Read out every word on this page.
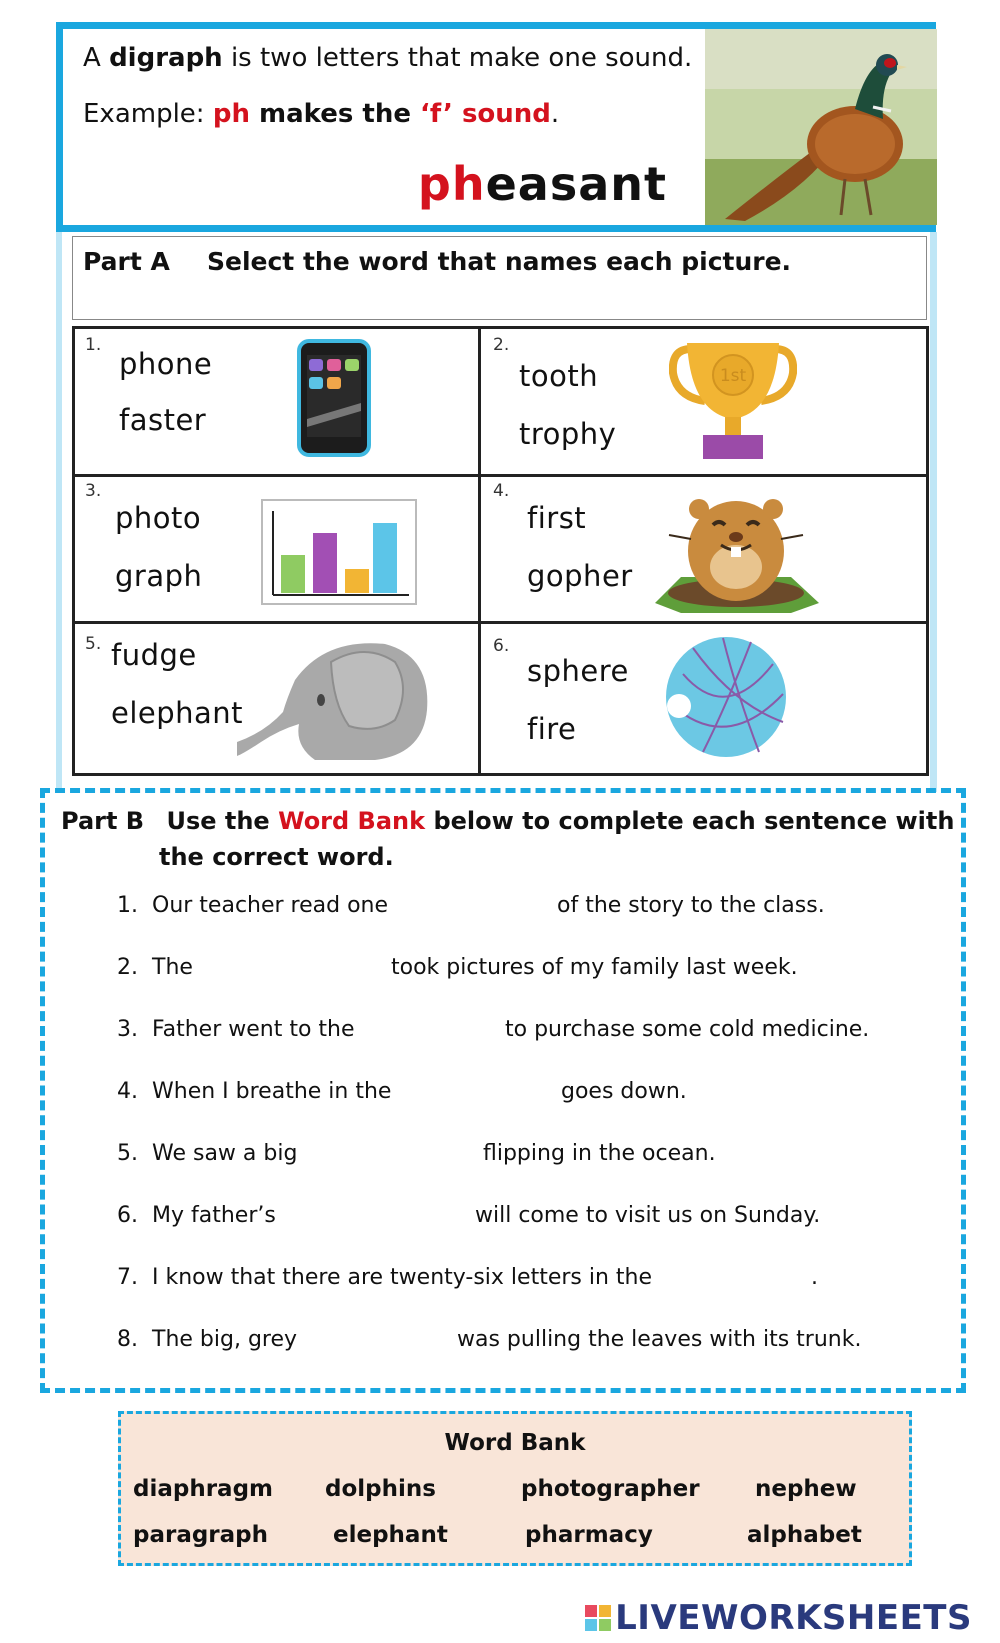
A digraph is two letters that make one sound.
Example: ph makes the ‘f’ sound.
pheasant
Part A Select the word that names each picture.
1.
phone
faster
2.
tooth
trophy
1st
3.
photo
graph
4.
first
gopher
5. fudge
elephant
6.
sphere
fire
Part B Use the Word Bank below to complete each sentence with
the correct word.
1. Our teacher read one	of the story to the class.
2. The	took pictures of my family last week.
3. Father went to the	to purchase some cold medicine.
4. When I breathe in the	goes down.
5. We saw a big	flipping in the ocean.
6. My father’s	will come to visit us on Sunday.
7. I know that there are twenty-six letters in the	.
8. The big, grey	was pulling the leaves with its trunk.
Word Bank
diaphragm dolphins	photographer nephew
paragraph	elephant	pharmacy	alphabet
LIVEWORKSHEETS
